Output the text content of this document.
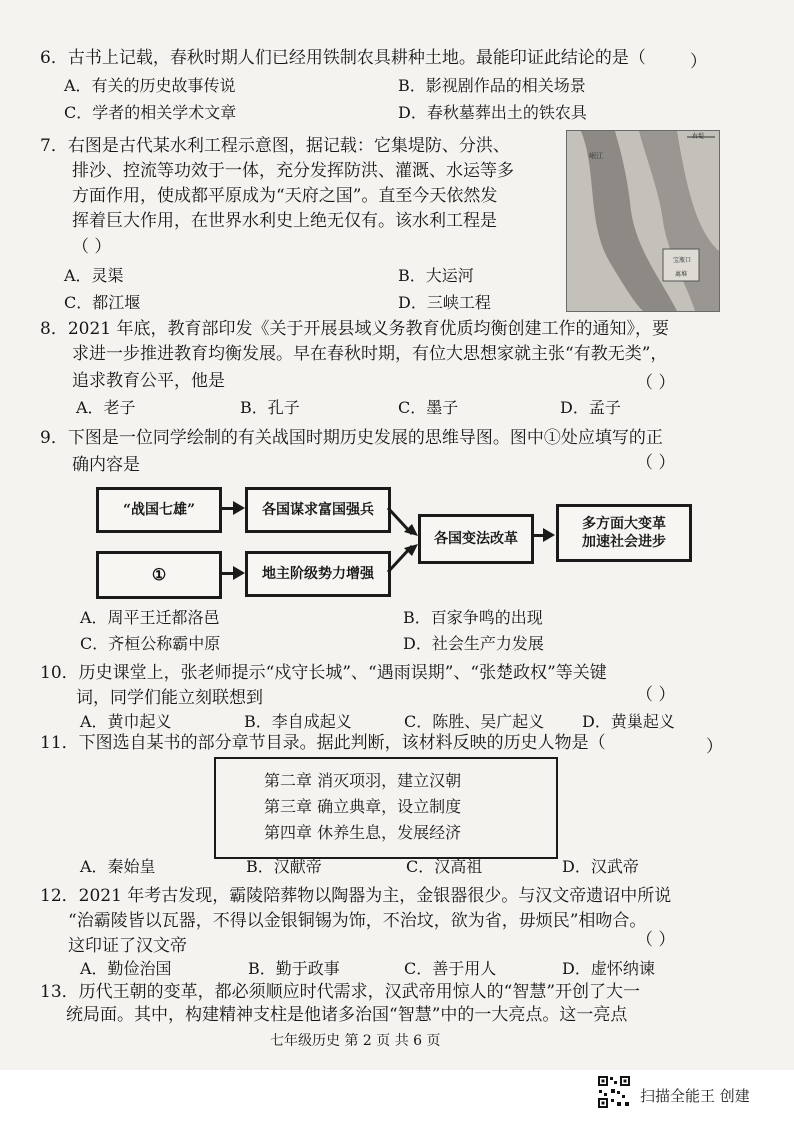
6．古书上记载，春秋时期人们已经用铁制农具耕种土地。最能印证此结论的是（	）
A．有关的历史故事传说	B．影视剧作品的相关场景
C．学者的相关学术文章	D．春秋墓葬出土的铁农具
7．右图是古代某水利工程示意图，据记载：它集堤防、分洪、
排沙、控流等功效于一体，充分发挥防洪、灌溉、水运等多
方面作用，使成都平原成为“天府之国”。直至今天依然发
挥着巨大作用，在世界水利史上绝无仅有。该水利工程是
（ ）
A．灵渠	B．大运河
C．都江堰	D．三峡工程
右堤
岷江
宝瓶口
离堆
8．2021 年底，教育部印发《关于开展县域义务教育优质均衡创建工作的通知》，要
求进一步推进教育均衡发展。早在春秋时期，有位大思想家就主张“有教无类”，
追求教育公平，他是	（ ）
A．老子	B．孔子	C．墨子	D．孟子
9．下图是一位同学绘制的有关战国时期历史发展的思维导图。图中①处应填写的正
确内容是	（ ）
“战国七雄”	各国谋求富国强兵
①	地主阶级势力增强
各国变法改革
多方面大变革
加速社会进步
A．周平王迁都洛邑	B．百家争鸣的出现
C．齐桓公称霸中原	D．社会生产力发展
10．历史课堂上，张老师提示“戍守长城”、“遇雨误期”、“张楚政权”等关键
词，同学们能立刻联想到	（ ）
A．黄巾起义	B．李自成起义	C．陈胜、吴广起义 D．黄巢起义
11．下图选自某书的部分章节目录。据此判断，该材料反映的历史人物是（	）
第二章 消灭项羽，建立汉朝
第三章 确立典章，设立制度
第四章 休养生息，发展经济
A．秦始皇	B．汉献帝	C．汉高祖	D．汉武帝
12．2021 年考古发现，霸陵陪葬物以陶器为主，金银器很少。与汉文帝遗诏中所说
“治霸陵皆以瓦器，不得以金银铜锡为饰，不治坟，欲为省，毋烦民”相吻合。
这印证了汉文帝	（ ）
A．勤俭治国	B．勤于政事	C．善于用人	D．虚怀纳谏
13．历代王朝的变革，都必须顺应时代需求，汉武帝用惊人的“智慧”开创了大一
统局面。其中，构建精神支柱是他诸多治国“智慧”中的一大亮点。这一亮点
七年级历史 第 2 页 共 6 页
扫描全能王 创建
